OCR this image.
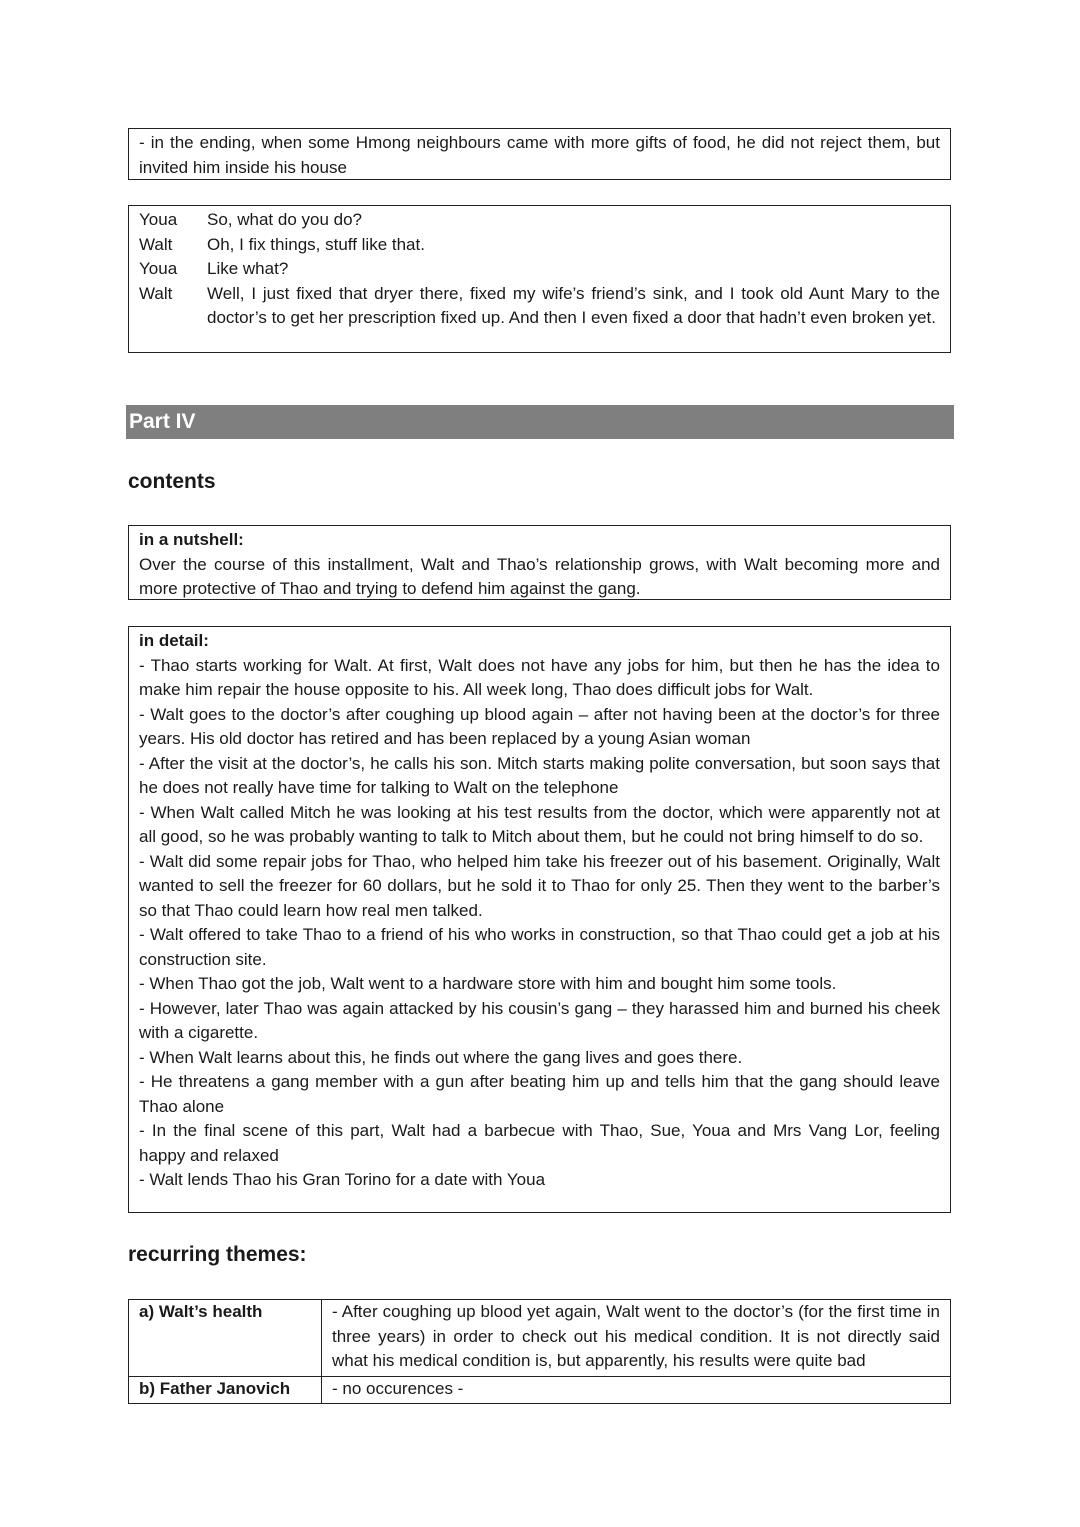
- in the ending, when some Hmong neighbours came with more gifts of food, he did not reject them, but invited him inside his house
Youa	So, what do you do?
Walt	Oh, I fix things, stuff like that.
Youa	Like what?
Walt	Well, I just fixed that dryer there, fixed my wife’s friend’s sink, and I took old Aunt Mary to the doctor’s to get her prescription fixed up. And then I even fixed a door that hadn’t even broken yet.
Part IV
contents
in a nutshell:
Over the course of this installment, Walt and Thao’s relationship grows, with Walt becoming more and more protective of Thao and trying to defend him against the gang.
in detail:
- Thao starts working for Walt. At first, Walt does not have any jobs for him, but then he has the idea to make him repair the house opposite to his. All week long, Thao does difficult jobs for Walt.
- Walt goes to the doctor’s after coughing up blood again – after not having been at the doctor’s for three years. His old doctor has retired and has been replaced by a young Asian woman
- After the visit at the doctor’s, he calls his son. Mitch starts making polite conversation, but soon says that he does not really have time for talking to Walt on the telephone
- When Walt called Mitch he was looking at his test results from the doctor, which were apparently not at all good, so he was probably wanting to talk to Mitch about them, but he could not bring himself to do so.
- Walt did some repair jobs for Thao, who helped him take his freezer out of his basement. Originally, Walt wanted to sell the freezer for 60 dollars, but he sold it to Thao for only 25. Then they went to the barber’s so that Thao could learn how real men talked.
- Walt offered to take Thao to a friend of his who works in construction, so that Thao could get a job at his construction site.
- When Thao got the job, Walt went to a hardware store with him and bought him some tools.
- However, later Thao was again attacked by his cousin’s gang – they harassed him and burned his cheek with a cigarette.
- When Walt learns about this, he finds out where the gang lives and goes there.
- He threatens a gang member with a gun after beating him up and tells him that the gang should leave Thao alone
- In the final scene of this part, Walt had a barbecue with Thao, Sue, Youa and Mrs Vang Lor, feeling happy and relaxed
- Walt lends Thao his Gran Torino for a date with Youa
recurring themes:
a) Walt’s health	- After coughing up blood yet again, Walt went to the doctor’s (for the first time in three years) in order to check out his medical condition. It is not directly said what his medical condition is, but apparently, his results were quite bad
b) Father Janovich	- no occurences -
